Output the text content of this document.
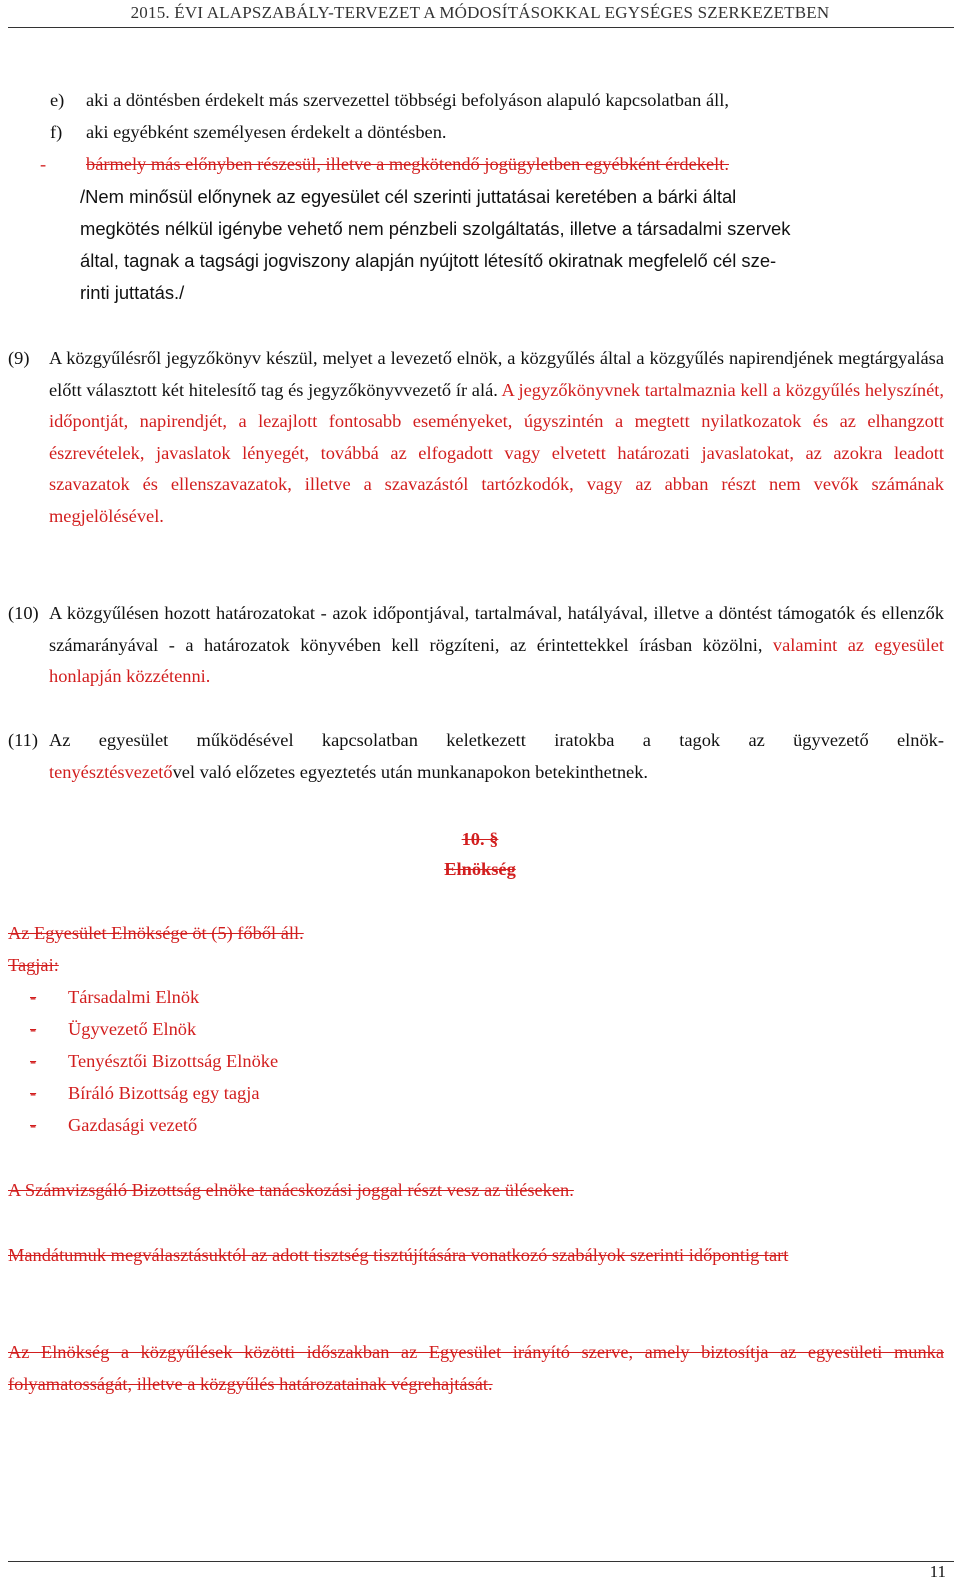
2015. ÉVI ALAPSZABÁLY-TERVEZET A MÓDOSÍTÁSOKKAL EGYSÉGES SZERKEZETBEN
e) aki a döntésben érdekelt más szervezettel többségi befolyáson alapuló kapcsolatban áll,
f) aki egyébként személyesen érdekelt a döntésben.
- bármely más előnyben részesül, illetve a megkötendő jogügyletben egyébként érdekelt.
/Nem minősül előnynek az egyesület cél szerinti juttatásai keretében a bárki által
megkötés nélkül igénybe vehető nem pénzbeli szolgáltatás, illetve a társadalmi szervek
által, tagnak a tagsági jogviszony alapján nyújtott létesítő okiratnak megfelelő cél sze-
rinti juttatás./
(9) A közgyűlésről jegyzőkönyv készül, melyet a levezető elnök, a közgyűlés által a közgyűlés napirendjének megtárgyalása előtt választott két hitelesítő tag és jegyzőkönyvvezető ír alá. A jegyzőkönyvnek tartalmaznia kell a közgyűlés helyszínét, időpontját, napirendjét, a lezajlott fontosabb eseményeket, úgyszintén a megtett nyilatkozatok és az elhangzott észrevételek, javaslatok lényegét, továbbá az elfogadott vagy elvetett határozati javaslatokat, az azokra leadott szavazatok és ellenszavazatok, illetve a szavazástól tartózkodók, vagy az abban részt nem vevők számának megjelölésével.
(10) A közgyűlésen hozott határozatokat - azok időpontjával, tartalmával, hatályával, illetve a döntést támogatók és ellenzők számarányával - a határozatok könyvében kell rögzíteni, az érintettekkel írásban közölni, valamint az egyesület honlapján közzétenni.
(11) Az egyesület működésével kapcsolatban keletkezett iratokba a tagok az ügyvezető elnök-
tenyésztésvezetővel való előzetes egyeztetés után munkanapokon betekinthetnek.
10. §
Elnökség
Az Egyesület Elnöksége öt (5) főből áll.
Tagjai:
- Társadalmi Elnök
- Ügyvezető Elnök
- Tenyésztői Bizottság Elnöke
- Bíráló Bizottság egy tagja
- Gazdasági vezető
A Számvizsgáló Bizottság elnöke tanácskozási joggal részt vesz az üléseken.
Mandátumuk megválasztásuktól az adott tisztség tisztújítására vonatkozó szabályok szerinti időpontig tart
Az Elnökség a közgyűlések közötti időszakban az Egyesület irányító szerve, amely biztosítja az egyesületi munka folyamatosságát, illetve a közgyűlés határozatainak végrehajtását.
11
